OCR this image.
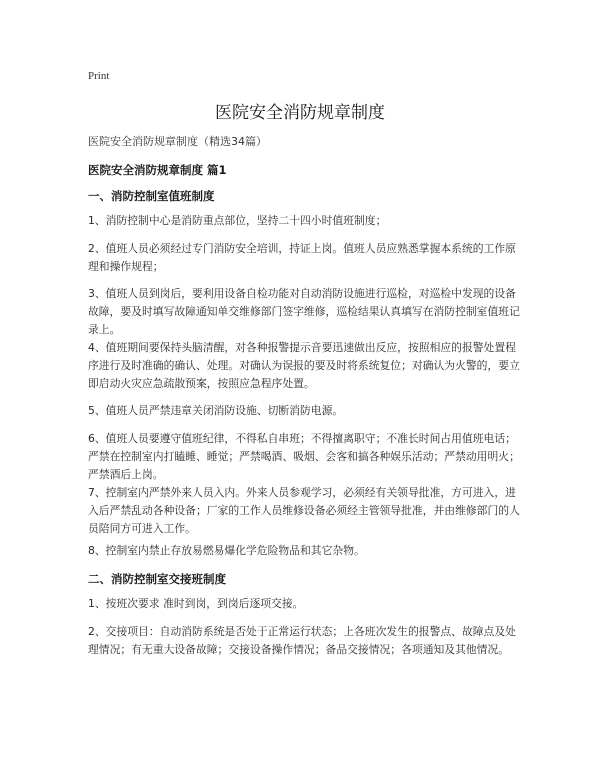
Print
医院安全消防规章制度
医院安全消防规章制度（精选34篇）
医院安全消防规章制度 篇1
一、消防控制室值班制度

1、消防控制中心是消防重点部位，坚持二十四小时值班制度；

2、值班人员必须经过专门消防安全培训，持证上岗。值班人员应熟悉掌握本系统的工作原理和操作规程；

3、值班人员到岗后，要利用设备自检功能对自动消防设施进行巡检，对巡检中发现的设备故障，要及时填写故障通知单交维修部门签字维修，巡检结果认真填写在消防控制室值班记录上。

4、值班期间要保持头脑清醒，对各种报警提示音要迅速做出反应，按照相应的报警处置程序进行及时准确的确认、处理。对确认为误报的要及时将系统复位；对确认为火警的，要立即启动火灾应急疏散预案，按照应急程序处置。

5、值班人员严禁违章关闭消防设施、切断消防电源。

6、值班人员要遵守值班纪律，不得私自串班；不得擅离职守；不准长时间占用值班电话；严禁在控制室内打瞌睡、睡觉；严禁喝酒、吸烟、会客和搞各种娱乐活动；严禁动用明火；严禁酒后上岗。

7、控制室内严禁外来人员入内。外来人员参观学习，必须经有关领导批准，方可进入，进入后严禁乱动各种设备；厂家的工作人员维修设备必须经主管领导批准，并由维修部门的人员陪同方可进入工作。

8、控制室内禁止存放易燃易爆化学危险物品和其它杂物。

二、消防控制室交接班制度

1、按班次要求 准时到岗，到岗后逐项交接。

2、交接项目：自动消防系统是否处于正常运行状态；上各班次发生的报警点、故障点及处理情况；有无重大设备故障；交接设备操作情况；备品交接情况；各项通知及其他情况。
